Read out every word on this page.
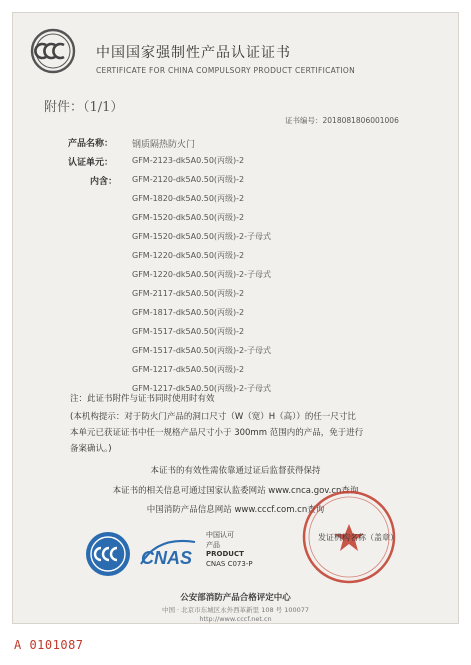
中国国家强制性产品认证证书
CERTIFICATE FOR CHINA COMPULSORY PRODUCT CERTIFICATION
附件：（1/1）
证书编号：2018081806001006
产品名称： 钢质隔热防火门
认证单元：
内含：
GFM-2123-dk5A0.50(丙级)-2
GFM-2120-dk5A0.50(丙级)-2
GFM-1820-dk5A0.50(丙级)-2
GFM-1520-dk5A0.50(丙级)-2
GFM-1520-dk5A0.50(丙级)-2-子母式
GFM-1220-dk5A0.50(丙级)-2
GFM-1220-dk5A0.50(丙级)-2-子母式
GFM-2117-dk5A0.50(丙级)-2
GFM-1817-dk5A0.50(丙级)-2
GFM-1517-dk5A0.50(丙级)-2
GFM-1517-dk5A0.50(丙级)-2-子母式
GFM-1217-dk5A0.50(丙级)-2
GFM-1217-dk5A0.50(丙级)-2-子母式
注：此证书附件与证书同时使用时有效
(本机构提示：对于防火门产品的洞口尺寸（W（宽）H（高））的任一尺寸比
本单元已获证证书中任一规格产品尺寸小于 300mm 范围内的产品，免于进行
备案确认。)
本证书的有效性需依靠通过证后监督获得保持
本证书的相关信息可通过国家认监委网站 www.cnca.gov.cn查询
中国消防产品信息网站 www.cccf.com.cn查询
CNAS
中国认可
产品
PRODUCT
CNAS C073-P
发证机构名称（盖章）
公安部消防产品合格评定中心
中国 · 北京市东城区永外西革新里 108 号 100077
http://www.cccf.net.cn
A 0101087
